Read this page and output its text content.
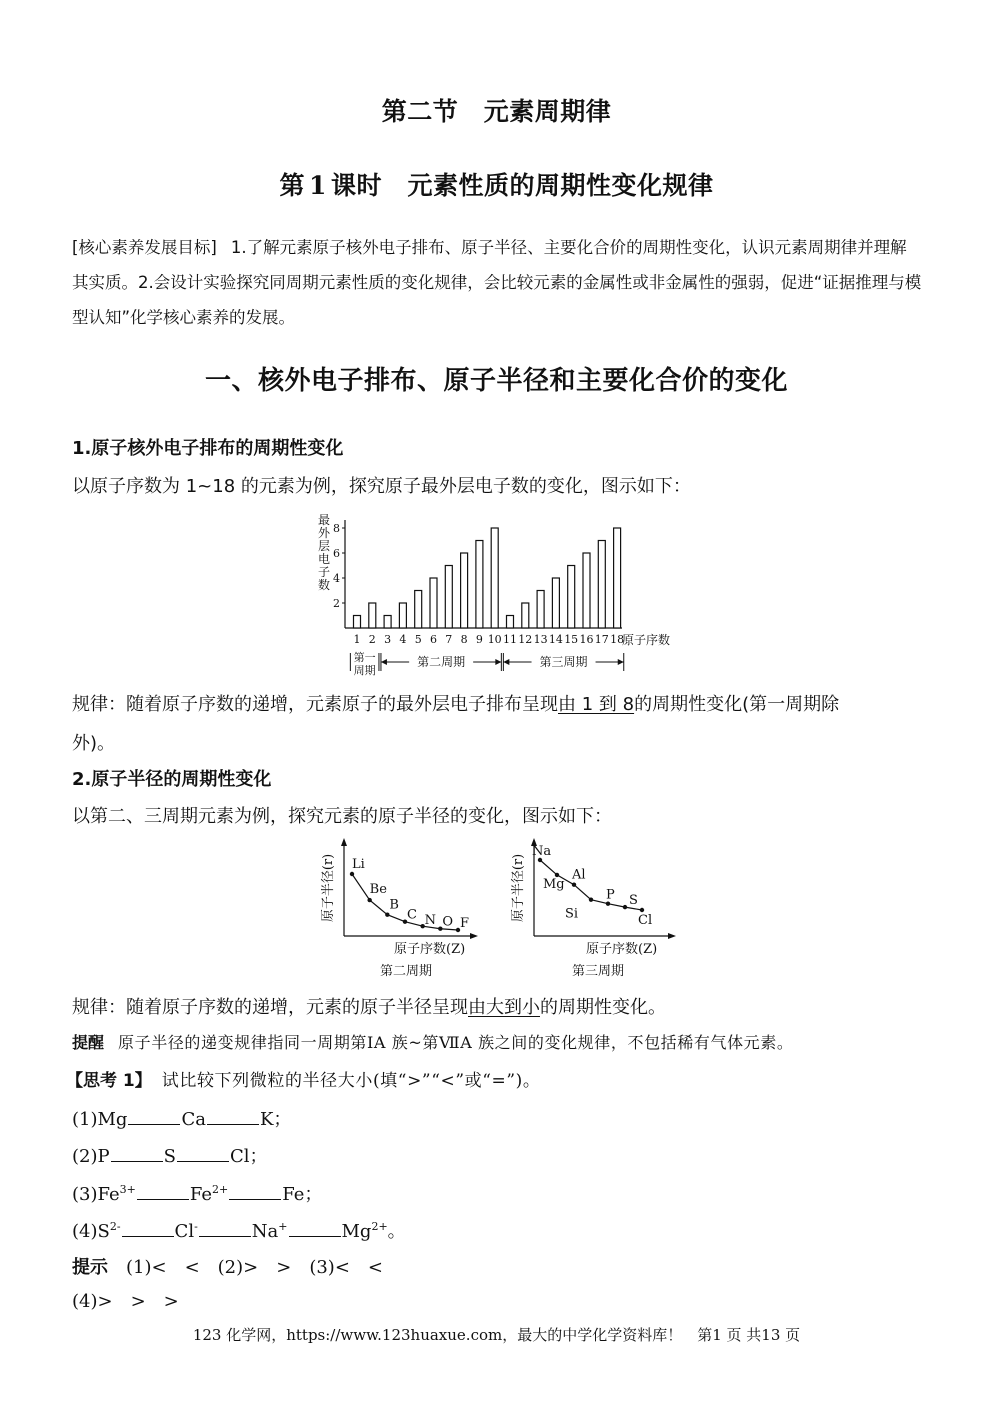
第二节　元素周期律
第 1 课时　元素性质的周期性变化规律
[核心素养发展目标] 1.了解元素原子核外电子排布、原子半径、主要化合价的周期性变化，认识元素周期律并理解其实质。2.会设计实验探究同周期元素性质的变化规律，会比较元素的金属性或非金属性的强弱，促进“证据推理与模型认知”化学核心素养的发展。
一、核外电子排布、原子半径和主要化合价的变化
1.原子核外电子排布的周期性变化
以原子序数为 1~18 的元素为例，探究原子最外层电子数的变化，图示如下：
最
外
层
电
子
数
2
4
6
8
1 2 3 4 5 6 7 8 9 10 11 12 13 14 15 16 17 18
原子序数
第一
周期
第二周期	第三周期
规律：随着原子序数的递增，元素原子的最外层电子排布呈现由 1 到 8的周期性变化(第一周期除
外)。
2.原子半径的周期性变化
以第二、三周期元素为例，探究元素的原子半径的变化，图示如下：
原子半径(r)
原子序数(Z)
第二周期
Li
Be
B
C N O F
原子半径(r)
原子序数(Z)
第三周期
Na
Mg
Al
Si
P S
Cl
规律：随着原子序数的递增，元素的原子半径呈现由大到小的周期性变化。
提醒 原子半径的递变规律指同一周期第ⅠA 族~第ⅦA 族之间的变化规律，不包括稀有气体元素。
【思考 1】 试比较下列微粒的半径大小(填“>”“<”或“=”)。
(1)Mg	Ca	K；
(2)P	S	Cl；
$(3)Fe^{3+}$	$Fe^{2+}$	Fe；
$(4)S^{2-}$	Cl-	Na+	$Mg^{2+}$。
提示 (1)<　<　(2)>　>　(3)<　<
(4)>　>　>
123 化学网，https://www.123huaxue.com，最大的中学化学资料库！　第1 页 共13 页
